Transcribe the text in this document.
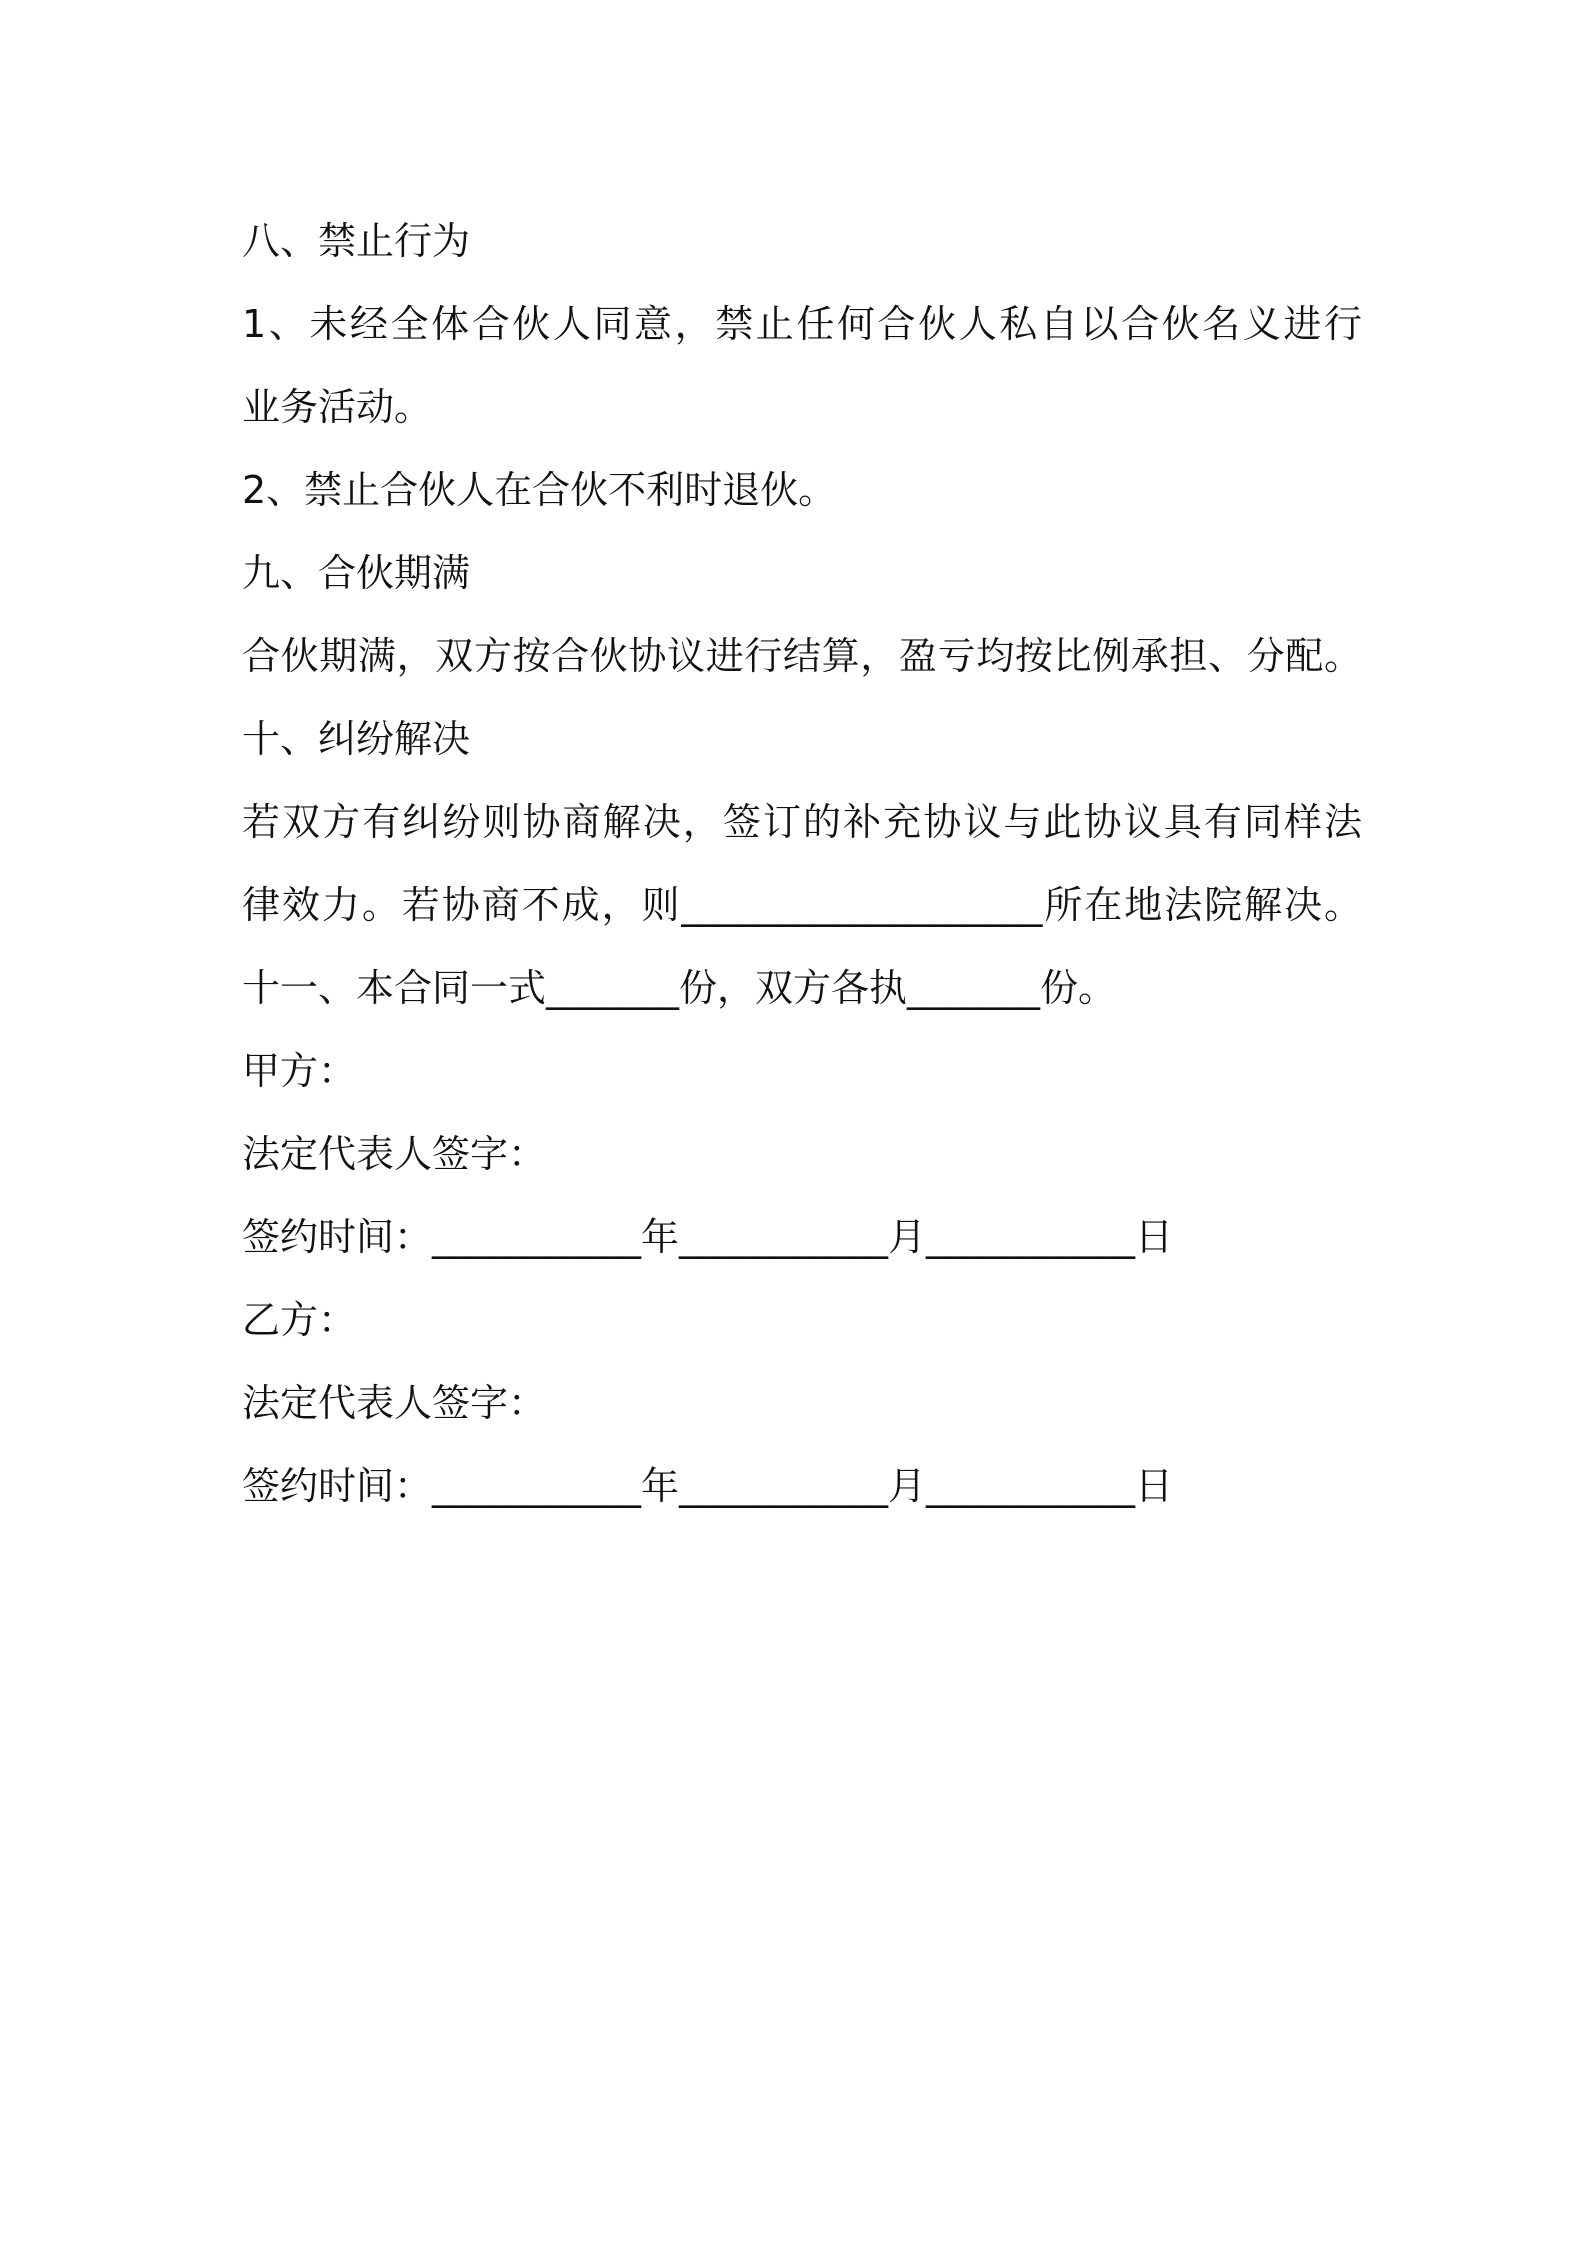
八、禁止行为
1、未经全体合伙人同意，禁止任何合伙人私自以合伙名义进行
业务活动。
2、禁止合伙人在合伙不利时退伙。
九、合伙期满
合伙期满，双方按合伙协议进行结算，盈亏均按比例承担、分配。
十、纠纷解决
若双方有纠纷则协商解决，签订的补充协议与此协议具有同样法
律效力。若协商不成，则___________________所在地法院解决。
十一、本合同一式_______份，双方各执_______份。
甲方：
法定代表人签字：
签约时间：___________年___________月___________日
乙方：
法定代表人签字：
签约时间：___________年___________月___________日
